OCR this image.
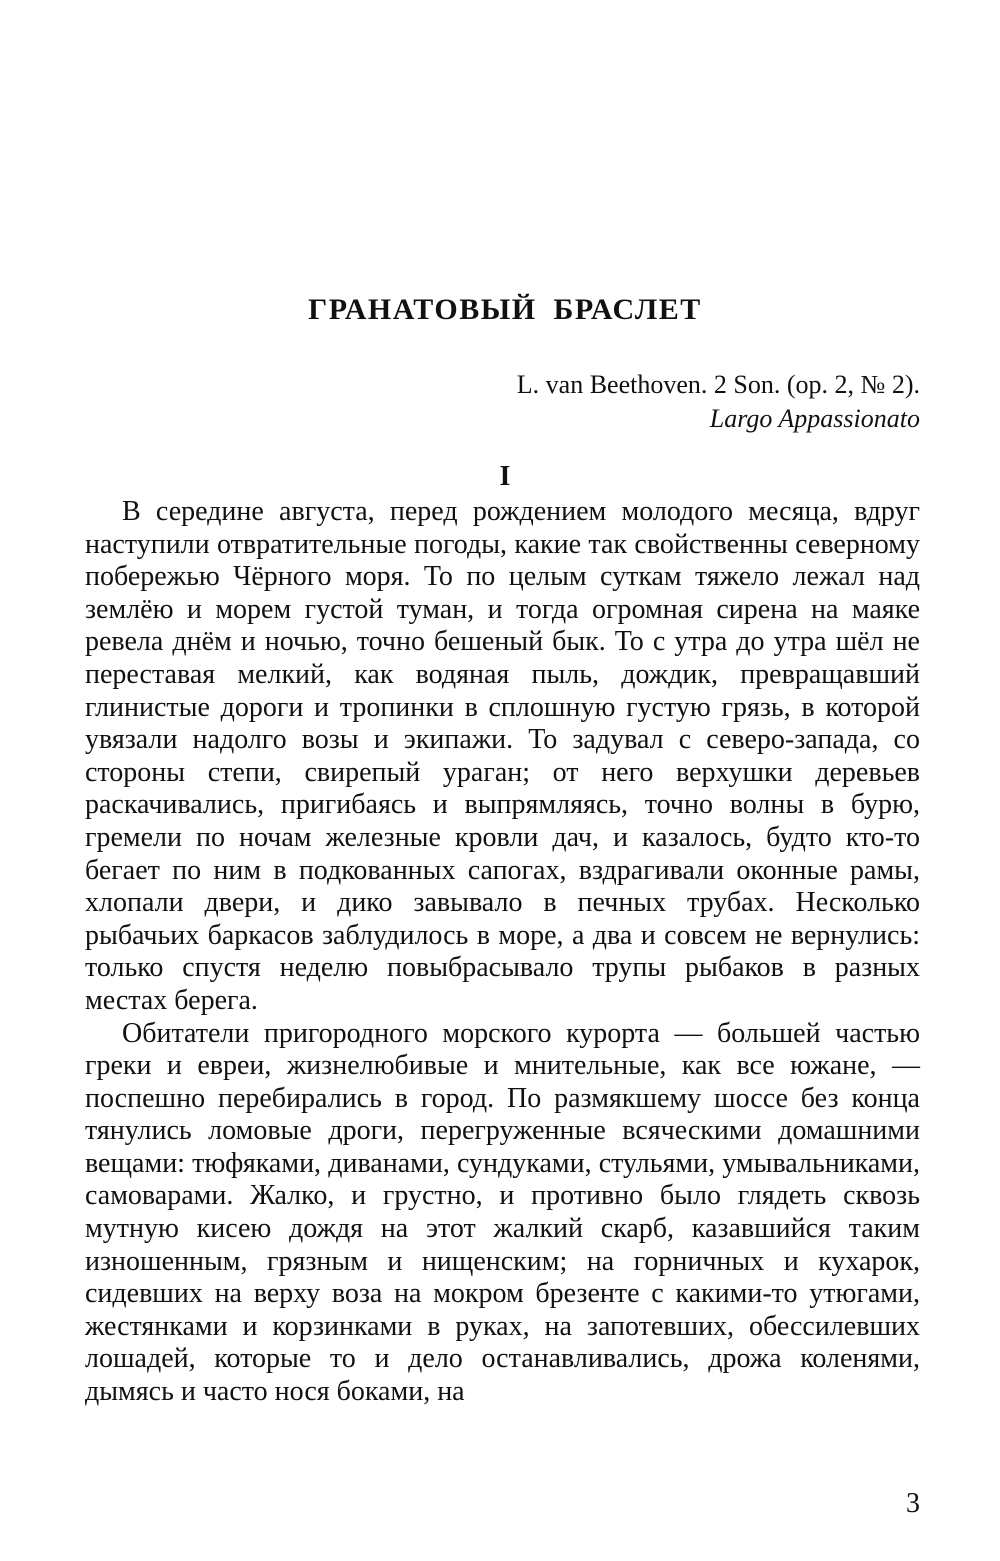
ГРАНАТОВЫЙ БРАСЛЕТ
L. van Beethoven. 2 Son. (op. 2, № 2).
Largo Appassionato
I

В середине августа, перед рождением молодого месяца, вдруг наступили отвратительные погоды, какие так свойственны северному побережью Чёрного моря. То по целым суткам тяжело лежал над землёю и морем густой туман, и тогда огромная сирена на маяке ревела днём и ночью, точно бешеный бык. То с утра до утра шёл не переставая мелкий, как водяная пыль, дождик, превращавший глинистые дороги и тропинки в сплошную густую грязь, в которой увязали надолго возы и экипажи. То задувал с северо-запада, со стороны степи, свирепый ураган; от него верхушки деревьев раскачивались, пригибаясь и выпрямляясь, точно волны в бурю, гремели по ночам железные кровли дач, и казалось, будто кто-то бегает по ним в подкованных сапогах, вздрагивали оконные рамы, хлопали двери, и дико завывало в печных трубах. Несколько рыбачьих баркасов заблудилось в море, а два и совсем не вернулись: только спустя неделю повыбрасывало трупы рыбаков в разных местах берега.

Обитатели пригородного морского курорта — большей частью греки и евреи, жизнелюбивые и мнительные, как все южане, — поспешно перебирались в город. По размякшему шоссе без конца тянулись ломовые дроги, перегруженные всяческими домашними вещами: тюфяками, диванами, сундуками, стульями, умывальниками, самоварами. Жалко, и грустно, и противно было глядеть сквозь мутную кисею дождя на этот жалкий скарб, казавшийся таким изношенным, грязным и нищенским; на горничных и кухарок, сидевших на верху воза на мокром брезенте с какими-то утюгами, жестянками и корзинками в руках, на запотевших, обессилевших лошадей, которые то и дело останавливались, дрожа коленями, дымясь и часто нося боками, на

3
